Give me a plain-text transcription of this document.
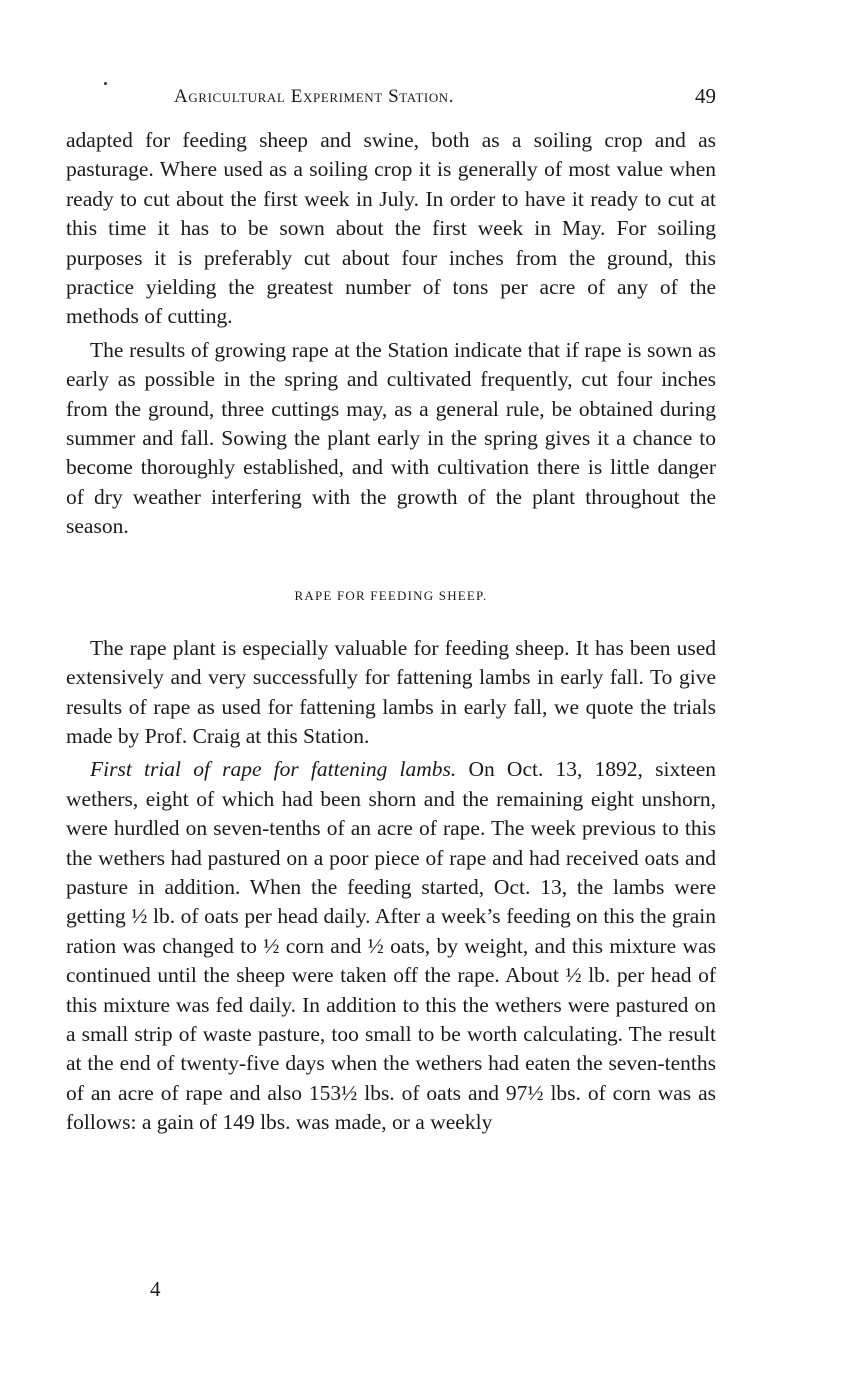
Agricultural Experiment Station.	49

adapted for feeding sheep and swine, both as a soiling crop and as pasturage. Where used as a soiling crop it is generally of most value when ready to cut about the first week in July. In order to have it ready to cut at this time it has to be sown about the first week in May. For soiling purposes it is preferably cut about four inches from the ground, this practice yielding the greatest number of tons per acre of any of the methods of cutting.

The results of growing rape at the Station indicate that if rape is sown as early as possible in the spring and cultivated frequently, cut four inches from the ground, three cuttings may, as a general rule, be obtained during summer and fall. Sowing the plant early in the spring gives it a chance to become thoroughly established, and with cultivation there is little danger of dry weather interfering with the growth of the plant throughout the season.

RAPE FOR FEEDING SHEEP.

The rape plant is especially valuable for feeding sheep. It has been used extensively and very successfully for fattening lambs in early fall. To give results of rape as used for fattening lambs in early fall, we quote the trials made by Prof. Craig at this Station.

First trial of rape for fattening lambs. On Oct. 13, 1892, sixteen wethers, eight of which had been shorn and the remaining eight unshorn, were hurdled on seven-tenths of an acre of rape. The week previous to this the wethers had pastured on a poor piece of rape and had received oats and pasture in addition. When the feeding started, Oct. 13, the lambs were getting ½ lb. of oats per head daily. After a week’s feeding on this the grain ration was changed to ½ corn and ½ oats, by weight, and this mixture was continued until the sheep were taken off the rape. About ½ lb. per head of this mixture was fed daily. In addition to this the wethers were pastured on a small strip of waste pasture, too small to be worth calculating. The result at the end of twenty-five days when the wethers had eaten the seven-tenths of an acre of rape and also 153½ lbs. of oats and 97½ lbs. of corn was as follows: a gain of 149 lbs. was made, or a weekly

4
